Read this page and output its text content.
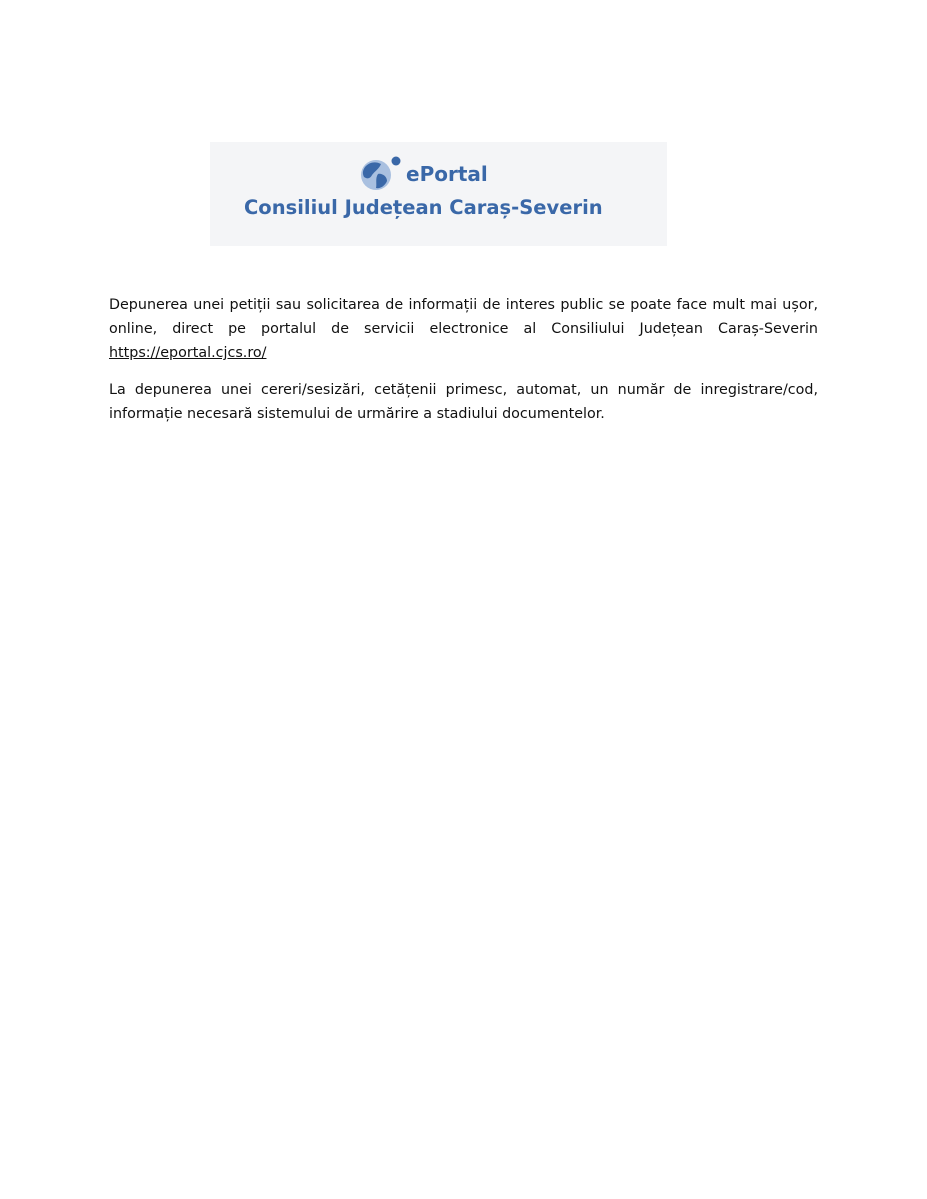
ePortal
Consiliul Județean Caraș-Severin

Depunerea unei petiții sau solicitarea de informații de interes public se poate face mult mai ușor, online, direct pe portalul de servicii electronice al Consiliului Județean Caraș-Severin https://eportal.cjcs.ro/

La depunerea unei cereri/sesizări, cetățenii primesc, automat, un număr de inregistrare/cod, informație necesară sistemului de urmărire a stadiului documentelor.
